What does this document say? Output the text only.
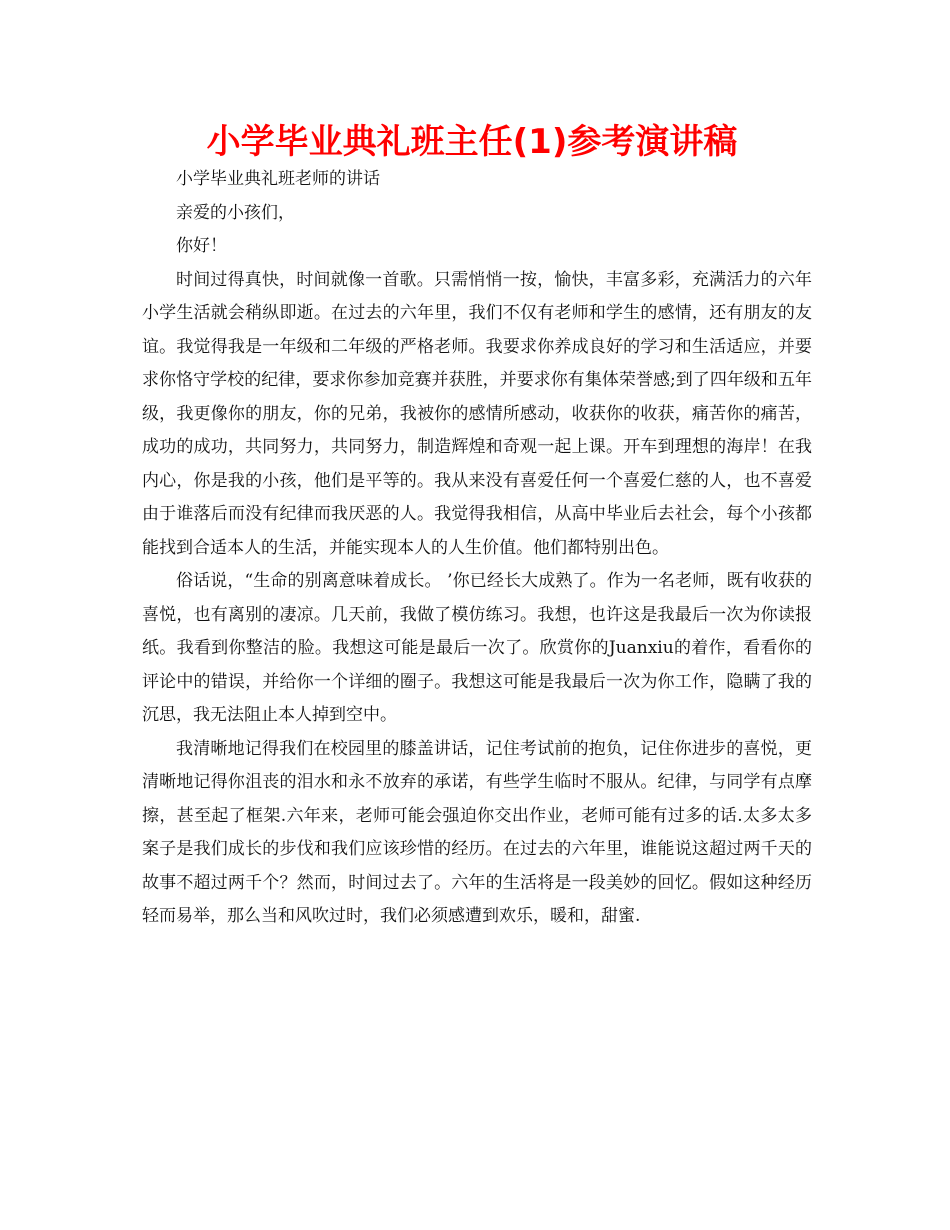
小学毕业典礼班主任(1)参考演讲稿

小学毕业典礼班老师的讲话

亲爱的小孩们，

你好！

时间过得真快，时间就像一首歌。只需悄悄一按，愉快，丰富多彩，充满活力的六年小学生活就会稍纵即逝。在过去的六年里，我们不仅有老师和学生的感情，还有朋友的友谊。我觉得我是一年级和二年级的严格老师。我要求你养成良好的学习和生活适应，并要求你恪守学校的纪律，要求你参加竞赛并获胜，并要求你有集体荣誉感;到了四年级和五年级，我更像你的朋友，你的兄弟，我被你的感情所感动，收获你的收获，痛苦你的痛苦，成功的成功，共同努力，共同努力，制造辉煌和奇观一起上课。开车到理想的海岸！在我内心，你是我的小孩，他们是平等的。我从来没有喜爱任何一个喜爱仁慈的人，也不喜爱由于谁落后而没有纪律而我厌恶的人。我觉得我相信，从高中毕业后去社会，每个小孩都能找到合适本人的生活，并能实现本人的人生价值。他们都特别出色。

俗话说，“生命的别离意味着成长。 ’你已经长大成熟了。作为一名老师，既有收获的喜悦，也有离别的凄凉。几天前，我做了模仿练习。我想，也许这是我最后一次为你读报纸。我看到你整洁的脸。我想这可能是最后一次了。欣赏你的Juanxiu的着作，看看你的评论中的错误，并给你一个详细的圈子。我想这可能是我最后一次为你工作，隐瞒了我的沉思，我无法阻止本人掉到空中。

我清晰地记得我们在校园里的膝盖讲话，记住考试前的抱负，记住你进步的喜悦，更清晰地记得你沮丧的泪水和永不放弃的承诺，有些学生临时不服从。纪律，与同学有点摩擦，甚至起了框架.六年来，老师可能会强迫你交出作业，老师可能有过多的话.太多太多案子是我们成长的步伐和我们应该珍惜的经历。在过去的六年里，谁能说这超过两千天的故事不超过两千个？然而，时间过去了。六年的生活将是一段美妙的回忆。假如这种经历轻而易举，那么当和风吹过时，我们必须感遭到欢乐，暖和，甜蜜.
